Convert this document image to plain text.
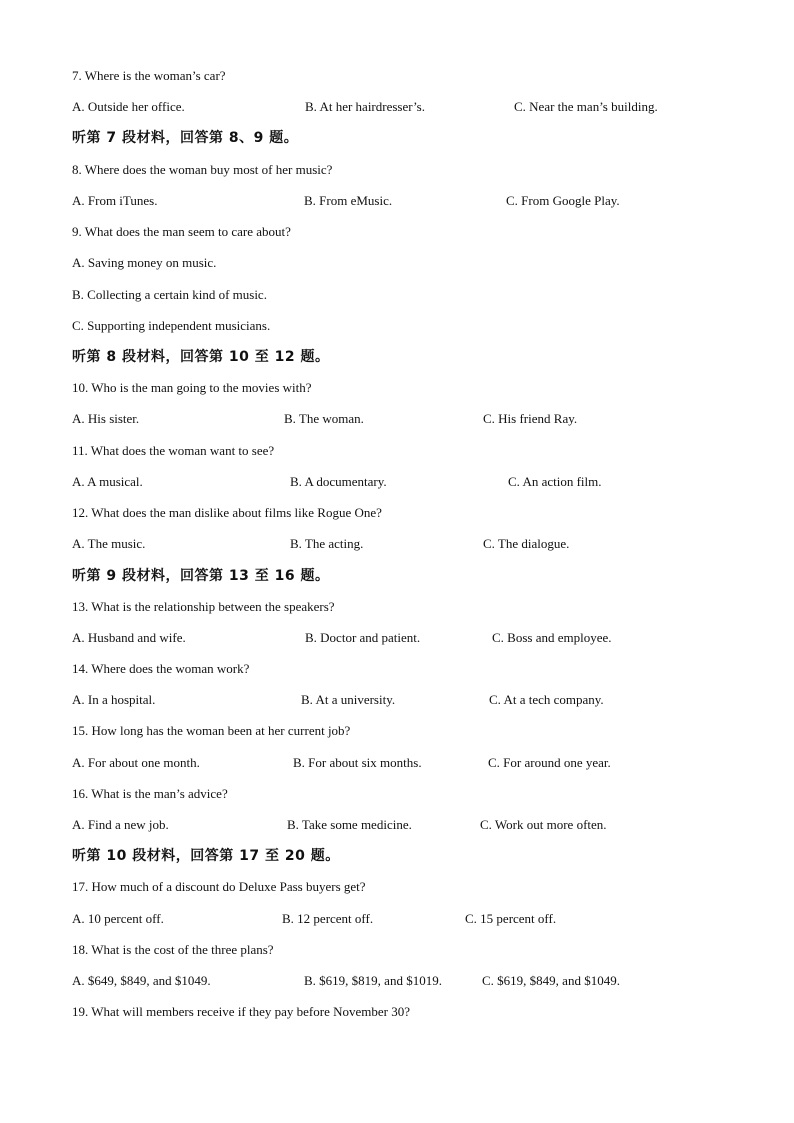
7. Where is the woman’s car?
A. Outside her office.	B. At her hairdresser’s.	C. Near the man’s building.
听第 7 段材料，回答第 8、9 题。
8. Where does the woman buy most of her music?
A. From iTunes.	B. From eMusic.	C. From Google Play.
9. What does the man seem to care about?
A. Saving money on music.
B. Collecting a certain kind of music.
C. Supporting independent musicians.
听第 8 段材料，回答第 10 至 12 题。
10. Who is the man going to the movies with?
A. His sister.	B. The woman.	C. His friend Ray.
11. What does the woman want to see?
A. A musical.	B. A documentary.	C. An action film.
12. What does the man dislike about films like Rogue One?
A. The music.	B. The acting.	C. The dialogue.
听第 9 段材料，回答第 13 至 16 题。
13. What is the relationship between the speakers?
A. Husband and wife.	B. Doctor and patient.	C. Boss and employee.
14. Where does the woman work?
A. In a hospital.	B. At a university.	C. At a tech company.
15. How long has the woman been at her current job?
A. For about one month.	B. For about six months.	C. For around one year.
16. What is the man’s advice?
A. Find a new job.	B. Take some medicine.	C. Work out more often.
听第 10 段材料，回答第 17 至 20 题。
17. How much of a discount do Deluxe Pass buyers get?
A. 10 percent off.	B. 12 percent off.	C. 15 percent off.
18. What is the cost of the three plans?
A. $649, $849, and $1049.	B. $619, $819, and $1019.	C. $619, $849, and $1049.
19. What will members receive if they pay before November 30?
